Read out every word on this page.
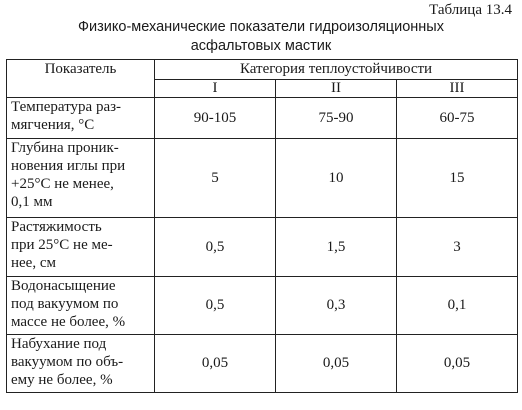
Таблица 13.4
Физико-механические показатели гидроизоляционных
асфальтовых мастик
Показатель	Категория теплоустойчивости		
	I	II	III

Температура раз-
мягчения, °С	90-105	75-90	60-75

Глубина проник-
новения иглы при
+25°С не менее,
0,1 мм	5	10	15

Растяжимость
при 25°С не ме-
нее, см	0,5	1,5	3

Водонасыщение
под вакуумом по
массе не более, %	0,5	0,3	0,1

Набухание под
вакуумом по объ-
ему не более, %	0,05	0,05	0,05
